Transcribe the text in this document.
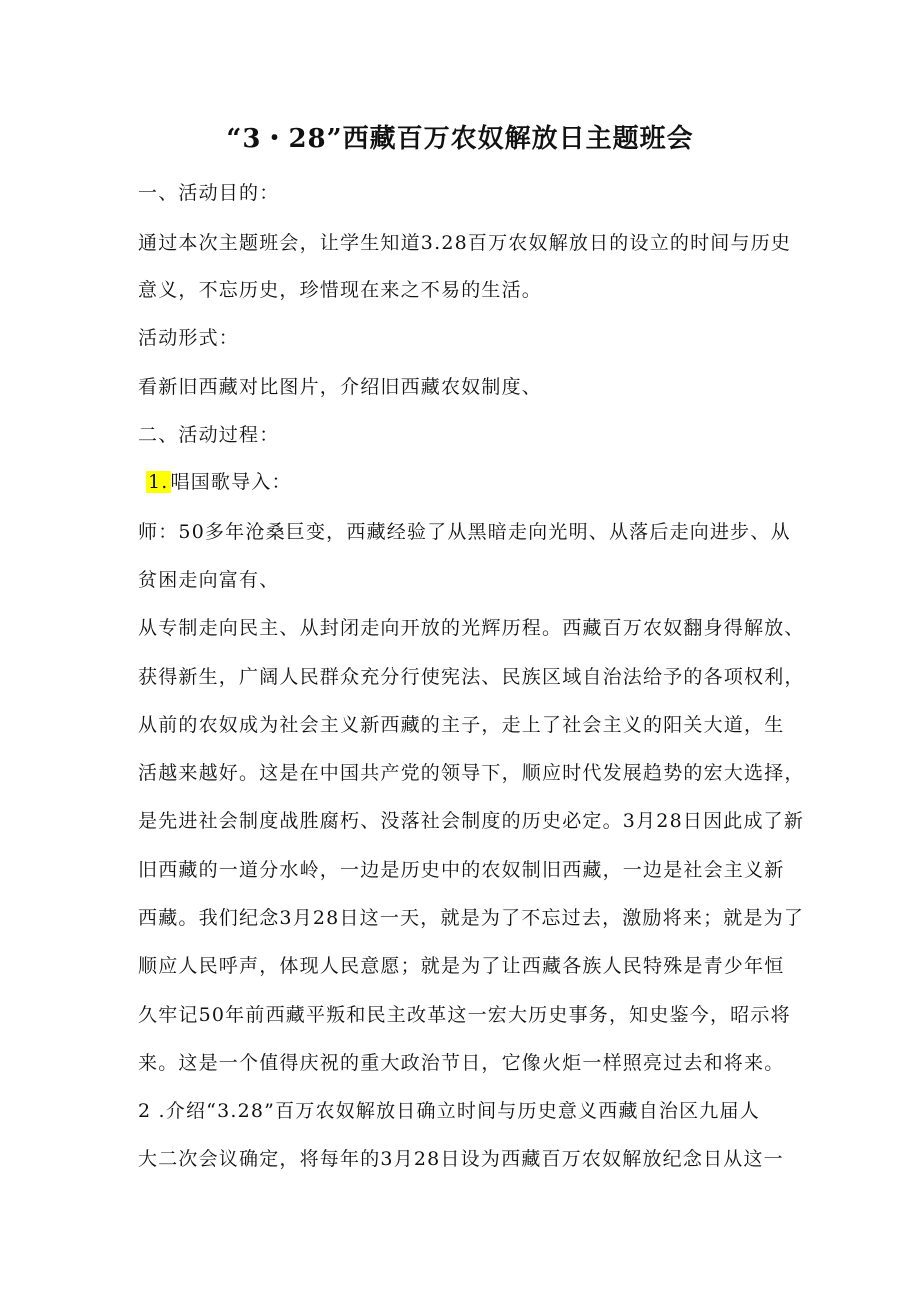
“3・28”西藏百万农奴解放日主题班会
一、活动目的：
通过本次主题班会，让学生知道3.28百万农奴解放日的设立的时间与历史
意义，不忘历史，珍惜现在来之不易的生活。
活动形式：
看新旧西藏对比图片，介绍旧西藏农奴制度、
二、活动过程：
1. 唱国歌导入：
师：50多年沧桑巨变，西藏经验了从黑暗走向光明、从落后走向进步、从
贫困走向富有、
从专制走向民主、从封闭走向开放的光辉历程。西藏百万农奴翻身得解放、
获得新生，广阔人民群众充分行使宪法、民族区域自治法给予的各项权利，
从前的农奴成为社会主义新西藏的主子，走上了社会主义的阳关大道，生
活越来越好。这是在中国共产党的领导下，顺应时代发展趋势的宏大选择，
是先进社会制度战胜腐朽、没落社会制度的历史必定。3月28日因此成了新
旧西藏的一道分水岭，一边是历史中的农奴制旧西藏，一边是社会主义新
西藏。我们纪念3月28日这一天，就是为了不忘过去，激励将来；就是为了
顺应人民呼声，体现人民意愿；就是为了让西藏各族人民特殊是青少年恒
久牢记50年前西藏平叛和民主改革这一宏大历史事务，知史鉴今，昭示将
来。这是一个值得庆祝的重大政治节日，它像火炬一样照亮过去和将来。
2 .介绍“3.28”百万农奴解放日确立时间与历史意义西藏自治区九届人
大二次会议确定，将每年的3月28日设为西藏百万农奴解放纪念日从这一
